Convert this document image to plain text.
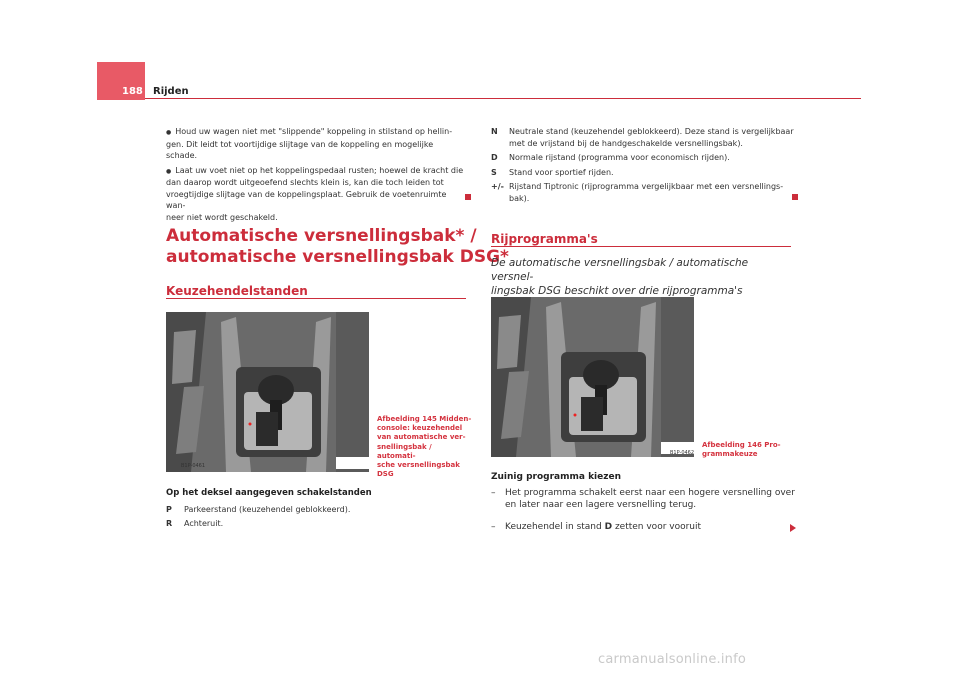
188 Rijden
● Houd uw wagen niet met "slippende" koppeling in stilstand op hellin-
gen. Dit leidt tot voortijdige slijtage van de koppeling en mogelijke schade.
● Laat uw voet niet op het koppelingspedaal rusten; hoewel de kracht die
dan daarop wordt uitgeoefend slechts klein is, kan die toch leiden tot
vroegtijdige slijtage van de koppelingsplaat. Gebruik de voetenruimte wan-
neer niet wordt geschakeld.
Automatische versnellingsbak* /
automatische versnellingsbak DSG*
Keuzehendelstanden
B1P-0461
Afbeelding 145 Midden-
console: keuzehendel
van automatische ver-
snellingsbak / automati-
sche versnellingsbak
DSG
Op het deksel aangegeven schakelstanden
P	Parkeerstand (keuzehendel geblokkeerd).
R	Achteruit.
N	Neutrale stand (keuzehendel geblokkeerd). Deze stand is vergelijkbaar
met de vrijstand bij de handgeschakelde versnellingsbak).
D	Normale rijstand (programma voor economisch rijden).
S	Stand voor sportief rijden.
+/- Rijstand Tiptronic (rijprogramma vergelijkbaar met een versnellings-
bak).
Rijprogramma's
De automatische versnellingsbak / automatische versnel-
lingsbak DSG beschikt over drie rijprogramma's
B1P-0462
Afbeelding 146 Pro-
grammakeuze
Zuinig programma kiezen
– Het programma schakelt eerst naar een hogere versnelling over
en later naar een lagere versnelling terug.
– Keuzehendel in stand D zetten voor vooruit
carmanualsonline.info
